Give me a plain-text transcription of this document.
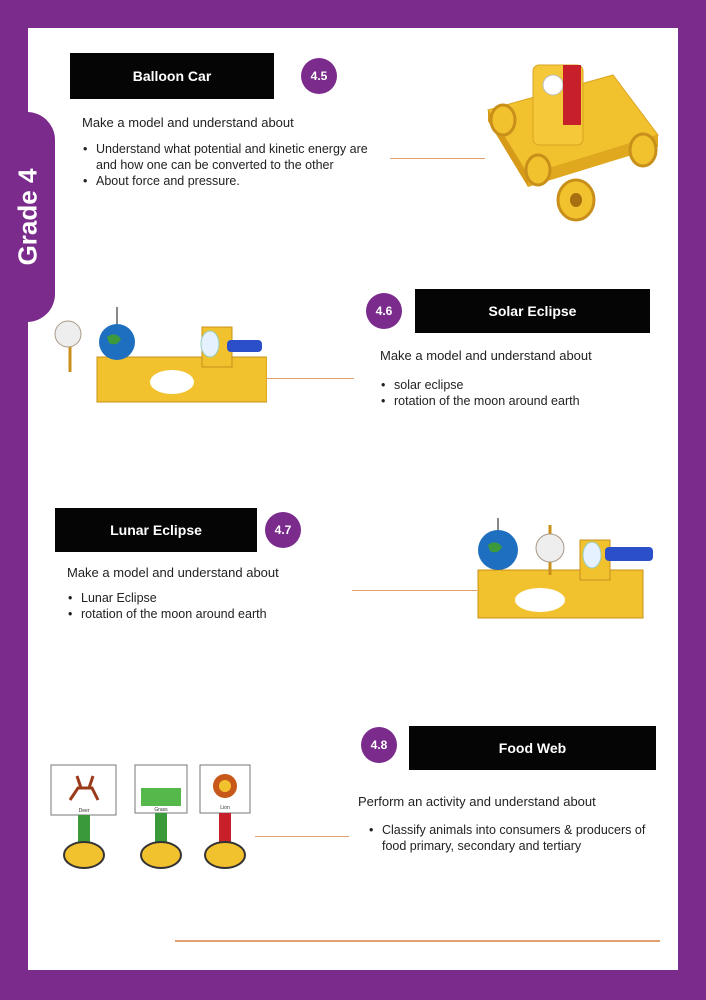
Grade 4
Balloon Car	4.5
Make a model and understand about
• Understand what potential and kinetic energy are and how one can be converted to the other
• About force and pressure.
4.6	Solar Eclipse
Make a model and understand about
• solar eclipse
• rotation of the moon around earth
Lunar Eclipse	4.7
Make a model and understand about
• Lunar Eclipse
• rotation of the moon around earth
4.8	Food Web
Perform an activity and understand about
• Classify animals into consumers & producers of food primary, secondary and tertiary
Deer	Grass	Lion
